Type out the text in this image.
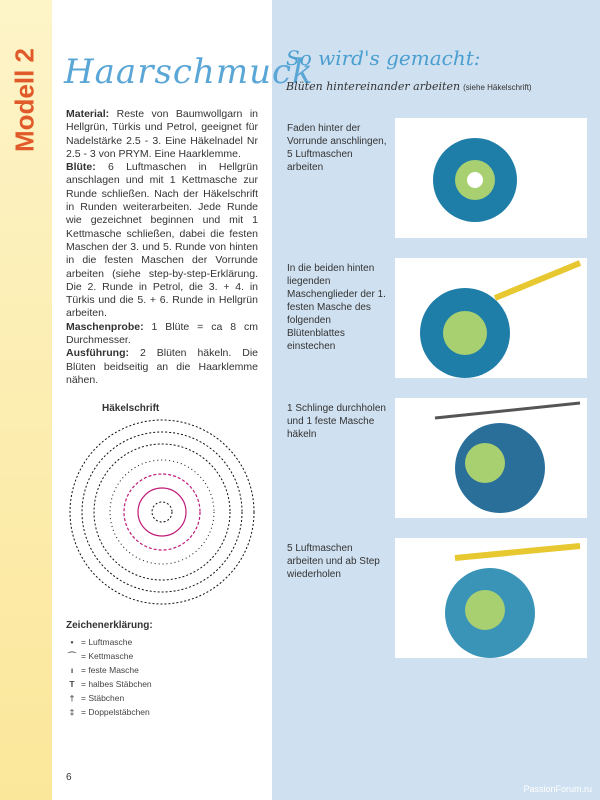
Modell 2 Haarschmuck
Material: Reste von Baumwollgarn in Hellgrün, Türkis und Petrol, geeignet für Nadelstärke 2.5 - 3. Eine Häkelnadel Nr 2.5 - 3 von PRYM. Eine Haarklemme.
Blüte: 6 Luftmaschen in Hellgrün anschlagen und mit 1 Kettmasche zur Runde schließen. Nach der Häkelschrift in Runden weiterarbeiten. Jede Runde wie gezeichnet beginnen und mit 1 Kettmasche schließen, dabei die festen Maschen der 3. und 5. Runde von hinten in die festen Maschen der Vorrunde arbeiten (siehe step-by-step-Erklärung. Die 2. Runde in Petrol, die 3. + 4. in Türkis und die 5. + 6. Runde in Hellgrün arbeiten.
Maschenprobe: 1 Blüte = ca 8 cm Durchmesser.
Ausführung: 2 Blüten häkeln. Die Blüten beidseitig an die Haarklemme nähen.
Häkelschrift
Zeichenerklärung:
• = Luftmasche
⌒ = Kettmasche
ı = feste Masche
T = halbes Stäbchen
† = Stäbchen
‡ = Doppelstäbchen
6
So wird's gemacht:
Blüten hintereinander arbeiten (siehe Häkelschrift)
Faden hinter der Vorrunde anschlingen, 5 Luftmaschen arbeiten
In die beiden hinten liegenden Maschenglieder der 1. festen Masche des folgenden Blütenblattes einstechen
1 Schlinge durchholen und 1 feste Masche häkeln
5 Luftmaschen arbeiten und ab Step wiederholen
PassionForum.ru
